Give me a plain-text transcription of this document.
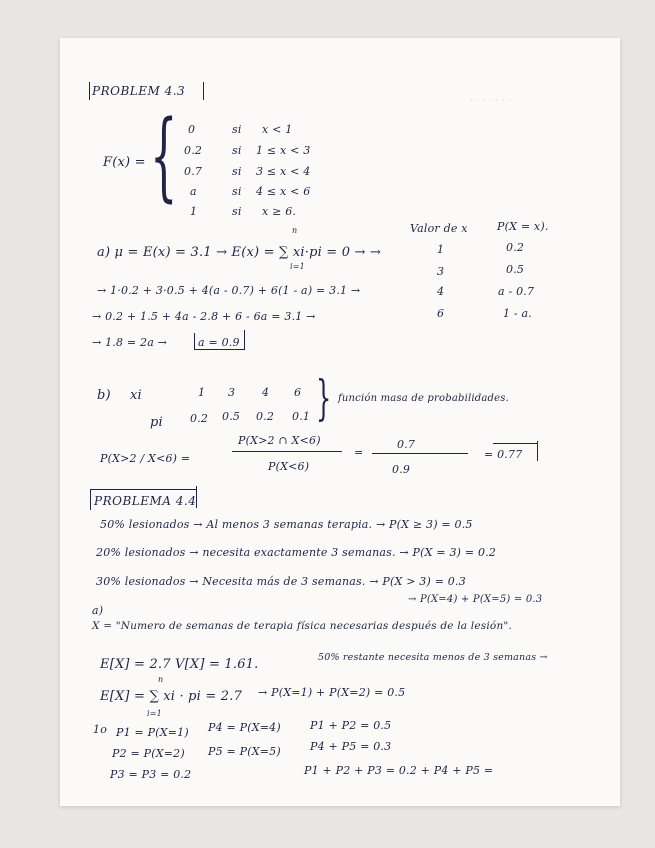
· · · · · · ·
PROBLEM 4.3
F(x) = { 0	si x < 1
0.2	si 1 ≤ x < 3
0.7	si 3 ≤ x < 4
a	si 4 ≤ x < 6
1	si x ≥ 6.
Valor de x	P(X = x).
1	0.2
3	0.5
4	a - 0.7
6	1 - a.
n
a) μ = E(x) = 3.1 → E(x) = ∑ xi·pi = 0 → →
i=1
→ 1·0.2 + 3·0.5 + 4(a - 0.7) + 6(1 - a) = 3.1 →
→ 0.2 + 1.5 + 4a - 2.8 + 6 - 6a = 3.1 →
→ 1.8 = 2a →	a = 0.9
b) xi	1 3 4 6 } función masa de probabilidades.
pi 0.2 0.5 0.2 0.1
P(X>2 / X<6) =
P(X>2 ∩ X<6)
P(X<6)
=
0.7
0.9
= 0.77
PROBLEMA 4.4
50% lesionados → Al menos 3 semanas terapia. → P(X ≥ 3) = 0.5
20% lesionados → necesita exactamente 3 semanas. → P(X = 3) = 0.2
30% lesionados → Necesita más de 3 semanas. → P(X > 3) = 0.3
→ P(X=4) + P(X=5) = 0.3
a)
X = "Numero de semanas de terapia física necesarias después de la lesión".
E[X] = 2.7 V[X] = 1.61.	50% restante necesita menos de 3 semanas →
n
E[X] = ∑ xi · pi = 2.7 → P(X=1) + P(X=2) = 0.5
i=1
1o P1 = P(X=1) P4 = P(X=4)	P1 + P2 = 0.5
P2 = P(X=2) P5 = P(X=5)	P4 + P5 = 0.3
P3 = P3 = 0.2	P1 + P2 + P3 = 0.2 + P4 + P5 =
